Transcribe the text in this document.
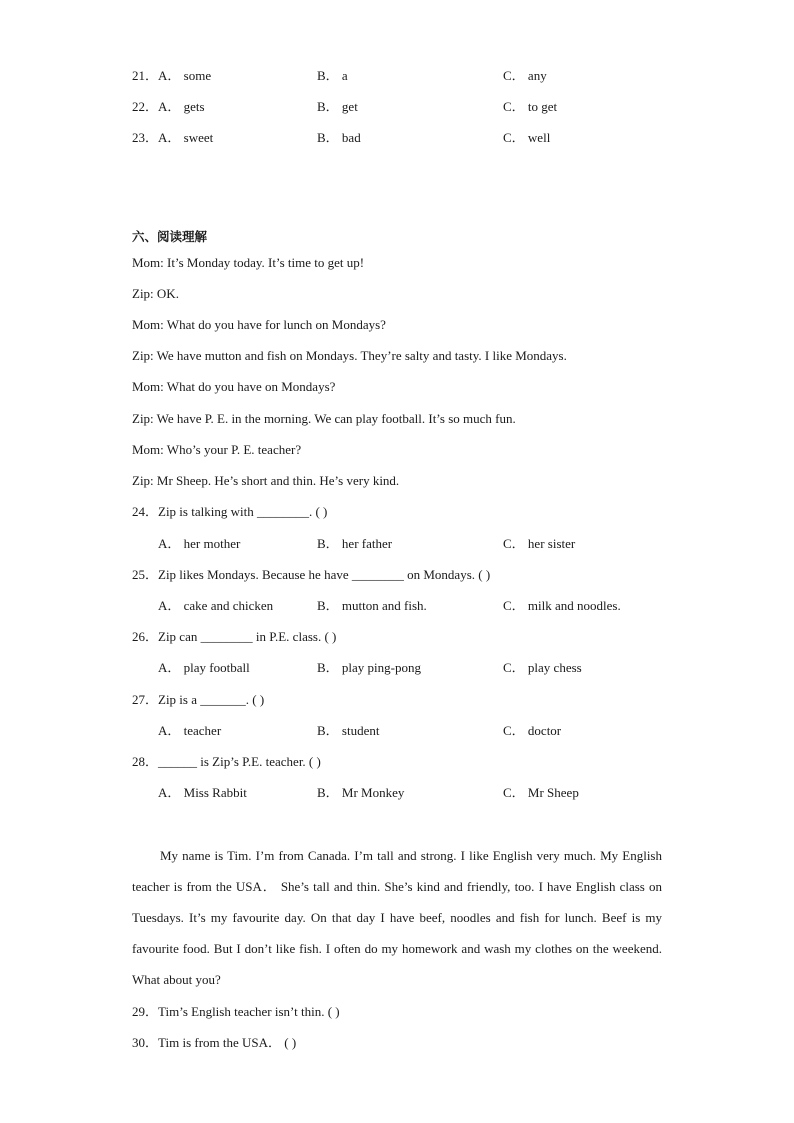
21．A． some	B． a	C． any
22．A． gets	B． get	C． to get
23．A． sweet	B． bad	C． well
六、阅读理解
Mom: It’s Monday today. It’s time to get up!
Zip: OK.
Mom: What do you have for lunch on Mondays?
Zip: We have mutton and fish on Mondays. They’re salty and tasty. I like Mondays.
Mom: What do you have on Mondays?
Zip: We have P. E. in the morning. We can play football. It’s so much fun.
Mom: Who’s your P. E. teacher?
Zip: Mr Sheep. He’s short and thin. He’s very kind.
24．Zip is talking with ________. ( )
A． her mother	B． her father	C． her sister
25．Zip likes Mondays. Because he have ________ on Mondays. ( )
A． cake and chicken	B． mutton and fish.	C． milk and noodles.
26．Zip can ________ in P.E. class. ( )
A． play football	B． play ping-pong	C． play chess
27．Zip is a _______. ( )
A． teacher	B． student	C． doctor
28．______ is Zip’s P.E. teacher. ( )
A． Miss Rabbit	B． Mr Monkey	C． Mr Sheep
My name is Tim. I’m from Canada. I’m tall and strong. I like English very much. My English teacher is from the USA． She’s tall and thin. She’s kind and friendly, too. I have English class on Tuesdays. It’s my favourite day. On that day I have beef, noodles and fish for lunch. Beef is my favourite food. But I don’t like fish. I often do my homework and wash my clothes on the weekend. What about you?
29．Tim’s English teacher isn’t thin. ( )
30．Tim is from the USA． ( )
